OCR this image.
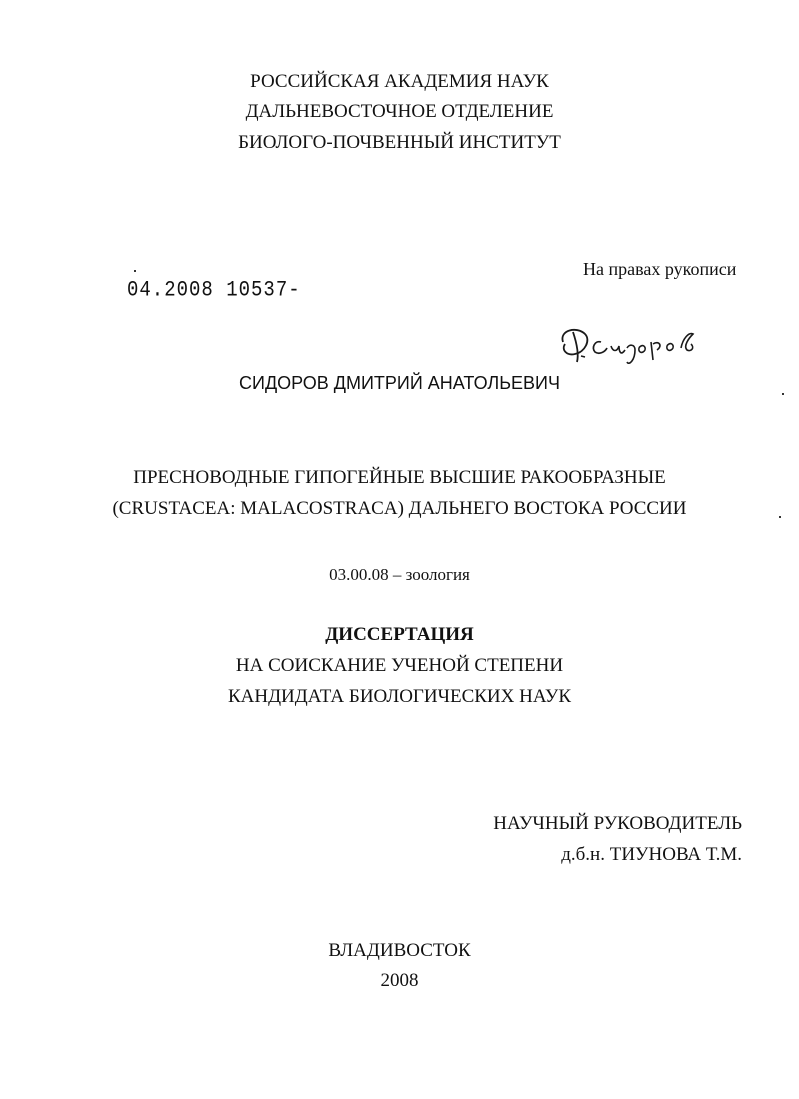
РОССИЙСКАЯ АКАДЕМИЯ НАУК
ДАЛЬНЕВОСТОЧНОЕ ОТДЕЛЕНИЕ
БИОЛОГО-ПОЧВЕННЫЙ ИНСТИТУТ
На правах рукописи
04.2008 10537-
СИДОРОВ ДМИТРИЙ АНАТОЛЬЕВИЧ
ПРЕСНОВОДНЫЕ ГИПОГЕЙНЫЕ ВЫСШИЕ РАКООБРАЗНЫЕ
(CRUSTACEA: MALACOSTRACA) ДАЛЬНЕГО ВОСТОКА РОССИИ
03.00.08 – зоология
ДИССЕРТАЦИЯ
НА СОИСКАНИЕ УЧЕНОЙ СТЕПЕНИ
КАНДИДАТА БИОЛОГИЧЕСКИХ НАУК
НАУЧНЫЙ РУКОВОДИТЕЛЬ
д.б.н. ТИУНОВА Т.М.
ВЛАДИВОСТОК
2008
